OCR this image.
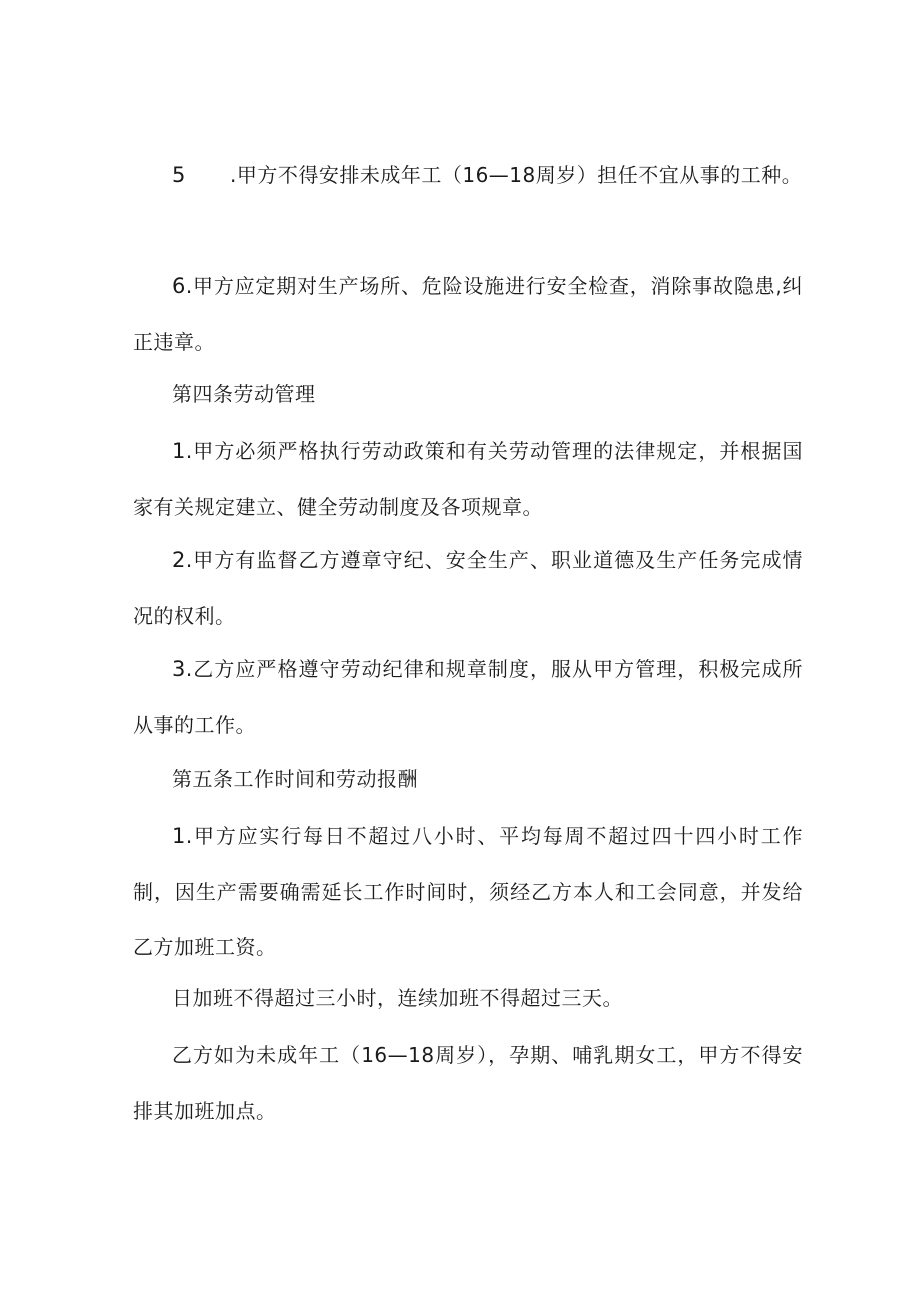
5 .甲方不得安排未成年工（16—18周岁）担任不宜从事的工种。

6.甲方应定期对生产场所、危险设施进行安全检查，消除事故隐患,纠正违章。

第四条劳动管理

1.甲方必须严格执行劳动政策和有关劳动管理的法律规定，并根据国家有关规定建立、健全劳动制度及各项规章。

2.甲方有监督乙方遵章守纪、安全生产、职业道德及生产任务完成情况的权利。

3.乙方应严格遵守劳动纪律和规章制度，服从甲方管理，积极完成所从事的工作。

第五条工作时间和劳动报酬

1.甲方应实行每日不超过八小时、平均每周不超过四十四小时工作制，因生产需要确需延长工作时间时，须经乙方本人和工会同意，并发给乙方加班工资。

日加班不得超过三小时，连续加班不得超过三天。

乙方如为未成年工（16—18周岁），孕期、哺乳期女工，甲方不得安排其加班加点。
